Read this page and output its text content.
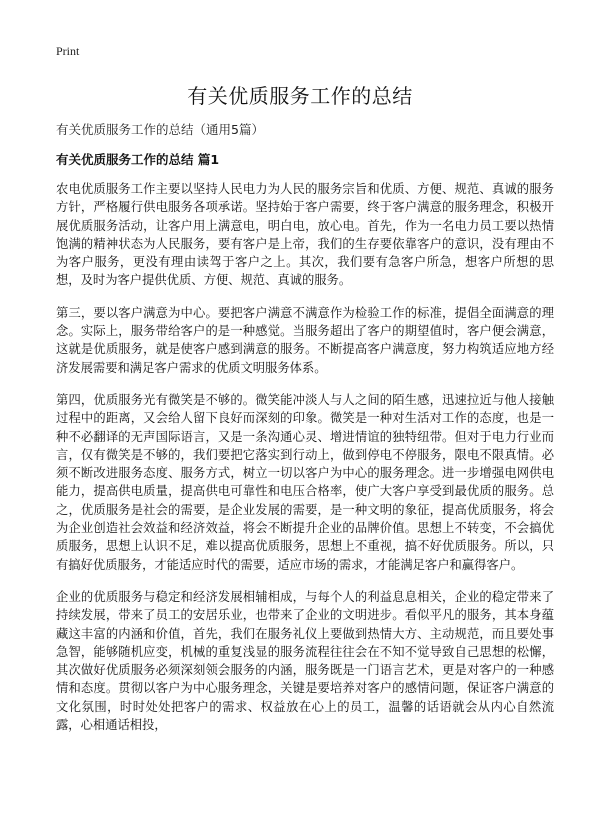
Print
有关优质服务工作的总结
有关优质服务工作的总结（通用5篇）
有关优质服务工作的总结 篇1

农电优质服务工作主要以坚持人民电力为人民的服务宗旨和优质、方便、规范、真诚的服务方针，严格履行供电服务各项承诺。坚持始于客户需要，终于客户满意的服务理念，积极开展优质服务活动，让客户用上满意电，明白电，放心电。首先，作为一名电力员工要以热情饱满的精神状态为人民服务，要有客户是上帝，我们的生存要依靠客户的意识，没有理由不为客户服务，更没有理由读驾于客户之上。其次，我们要有急客户所急，想客户所想的思想，及时为客户提供优质、方便、规范、真诚的服务。

第三，要以客户满意为中心。要把客户满意不满意作为检验工作的标准，提倡全面满意的理念。实际上，服务带给客户的是一种感觉。当服务超出了客户的期望值时，客户便会满意，这就是优质服务，就是使客户感到满意的服务。不断提高客户满意度，努力构筑适应地方经济发展需要和满足客户需求的优质文明服务体系。

第四，优质服务光有微笑是不够的。微笑能冲淡人与人之间的陌生感，迅速拉近与他人接触过程中的距离，又会给人留下良好而深刻的印象。微笑是一种对生活对工作的态度，也是一种不必翻译的无声国际语言，又是一条沟通心灵、增进情谊的独特纽带。但对于电力行业而言，仅有微笑是不够的，我们要把它落实到行动上，做到停电不停服务，限电不限真情。必须不断改进服务态度、服务方式，树立一切以客户为中心的服务理念。进一步增强电网供电能力，提高供电质量，提高供电可靠性和电压合格率，使广大客户享受到最优质的服务。总之，优质服务是社会的需要，是企业发展的需要，是一种文明的象征，提高优质服务，将会为企业创造社会效益和经济效益，将会不断提升企业的品牌价值。思想上不转变，不会搞优质服务，思想上认识不足，难以提高优质服务，思想上不重视，搞不好优质服务。所以，只有搞好优质服务，才能适应时代的需要，适应市场的需求，才能满足客户和赢得客户。

企业的优质服务与稳定和经济发展相辅相成，与每个人的利益息息相关，企业的稳定带来了持续发展，带来了员工的安居乐业，也带来了企业的文明进步。看似平凡的服务，其本身蕴藏这丰富的内涵和价值，首先，我们在服务礼仪上要做到热情大方、主动规范，而且要处事急智，能够随机应变，机械的重复浅显的服务流程往往会在不知不觉导致自己思想的松懈，其次做好优质服务必须深刻领会服务的内涵，服务既是一门语言艺术，更是对客户的一种感情和态度。贯彻以客户为中心服务理念，关键是要培养对客户的感情问题，保证客户满意的文化氛围，时时处处把客户的需求、权益放在心上的员工，温馨的话语就会从内心自然流露，心相通话相投，
